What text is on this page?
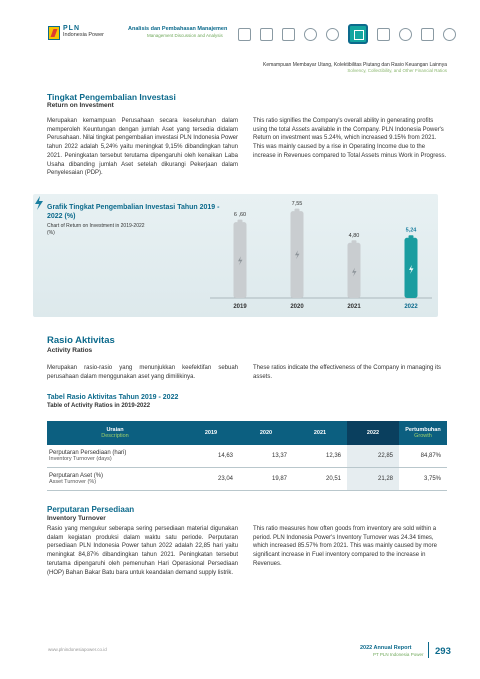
PLN
Indonesia Power
Analisis dan Pembahasan Manajemen
Management Discussion and Analysis
Kemampuan Membayar Utang, Kolektibilitas Piutang dan Rasio Keuangan Lainnya
Solvency, Collectibility, and Other Financial Ratios
Tingkat Pengembalian Investasi
Return on Investment
Merupakan kemampuan Perusahaan secara keseluruhan dalam memperoleh Keuntungan dengan jumlah Aset yang tersedia didalam Perusahaan. Nilai tingkat pengembalian investasi PLN Indonesia Power tahun 2022 adalah 5,24% yaitu meningkat 9,15% dibandingkan tahun 2021. Peningkatan tersebut terutama dipengaruhi oleh kenaikan Laba Usaha dibanding jumlah Aset setelah dikurangi Pekerjaan dalam Penyelesaian (PDP).
This ratio signifies the Company's overall ability in generating profits using the total Assets available in the Company. PLN Indonesia Power's Return on investment was 5.24%, which increased 9.15% from 2021. This was mainly caused by a rise in Operating Income due to the increase in Revenues compared to Total Assets minus Work in Progress.
Grafik Tingkat Pengembalian Investasi Tahun 2019 - 2022 (%)
Chart of Return on Investment in 2019-2022 (%)
6 ,60
2019
7,55
2020
4,80
2021
5,24
2022
Rasio Aktivitas
Activity Ratios
Merupakan rasio-rasio yang menunjukkan keefektifan sebuah perusahaan dalam menggunakan aset yang dimilikinya.
These ratios indicate the effectiveness of the Company in managing its assets.
Tabel Rasio Aktivitas Tahun 2019 - 2022
Table of Activity Ratios in 2019-2022
Uraian
Description	2019	2020	2021	2022	Pertumbuhan
Growth
Perputaran Persediaan (hari)
Inventory Turnover (days)	14,63	13,37	12,36	22,85	84,87%
Perputaran Aset (%)
Asset Turnover (%)	23,04	19,87	20,51	21,28	3,75%
Perputaran Persediaan
Inventory Turnover
Rasio yang mengukur seberapa sering persediaan material digunakan dalam kegiatan produksi dalam waktu satu periode. Perputaran persediaan PLN Indonesia Power tahun 2022 adalah 22,85 hari yaitu meningkat 84,87% dibandingkan tahun 2021. Peningkatan tersebut terutama dipengaruhi oleh pemenuhan Hari Operasional Persediaan (HOP) Bahan Bakar Batu bara untuk keandalan demand supply listrik.
This ratio measures how often goods from inventory are sold within a period. PLN Indonesia Power's Inventory Turnover was 24.34 times, which increased 85.57% from 2021. This was mainly caused by more significant increase in Fuel inventory compared to the increase in Revenues.
www.plnindonesiapower.co.id	2022 Annual Report
PT PLN Indonesia Power 293
